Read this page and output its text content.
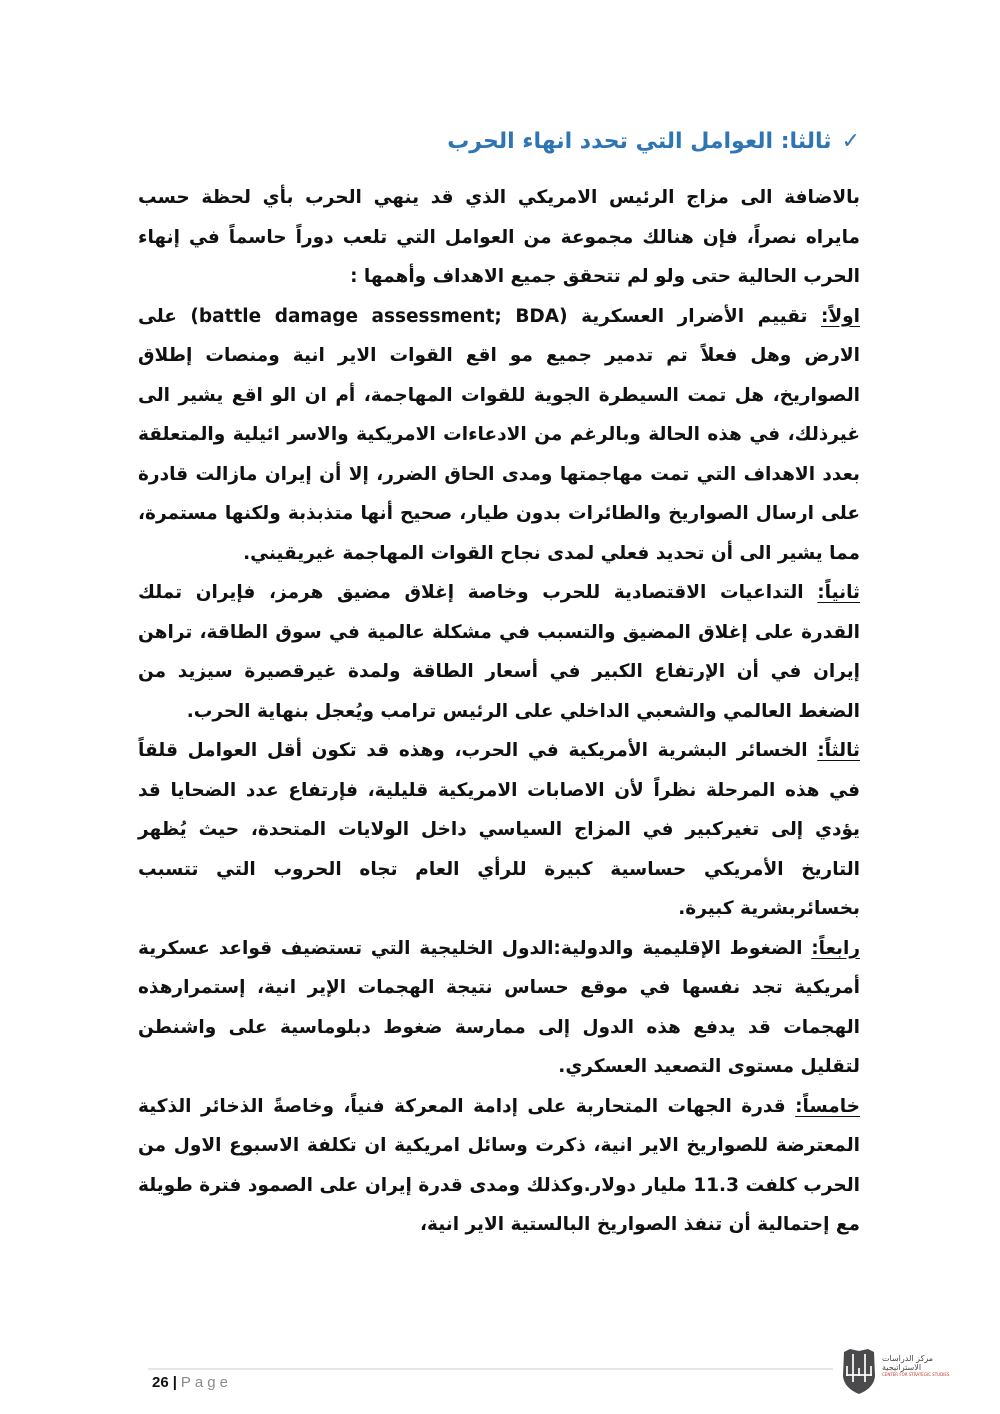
✓ثالثا: العوامل التي تحدد انهاء الحرب

بالاضافة الى مزاج الرئيس الامريكي الذي قد ينهي الحرب بأي لحظة حسب مايراه نصراً، فإن هنالك مجموعة من العوامل التي تلعب دوراً حاسماً في إنهاء الحرب الحالية حتى ولو لم تتحقق جميع الاهداف وأهمها :

اولاً: تقييم الأضرار العسكرية (battle damage assessment; BDA) على الارض وهل فعلاً تم تدمير جميع مو اقع القوات الاير انية ومنصات إطلاق الصواريخ، هل تمت السيطرة الجوية للقوات المهاجمة، أم ان الو اقع يشير الى غيرذلك، في هذه الحالة وبالرغم من الادعاءات الامريكية والاسر ائيلية والمتعلقة بعدد الاهداف التي تمت مهاجمتها ومدى الحاق الضرر، إلا أن إيران مازالت قادرة على ارسال الصواريخ والطائرات بدون طيار، صحيح أنها متذبذبة ولكنها مستمرة، مما يشير الى أن تحديد فعلي لمدى نجاح القوات المهاجمة غيريقيني.

ثانياً: التداعيات الاقتصادية للحرب وخاصة إغلاق مضيق هرمز، فإيران تملك القدرة على إغلاق المضيق والتسبب في مشكلة عالمية في سوق الطاقة، تراهن إيران في أن الإرتفاع الكبير في أسعار الطاقة ولمدة غيرقصيرة سيزيد من الضغط العالمي والشعبي الداخلي على الرئيس ترامب ويُعجل بنهاية الحرب.

ثالثاً: الخسائر البشرية الأمريكية في الحرب، وهذه قد تكون أقل العوامل قلقاً في هذه المرحلة نظراً لأن الاصابات الامريكية قليلية، فإرتفاع عدد الضحايا قد يؤدي إلى تغيركبير في المزاج السياسي داخل الولايات المتحدة، حيث يُظهر التاريخ الأمريكي حساسية كبيرة للرأي العام تجاه الحروب التي تتسبب بخسائربشرية كبيرة.

رابعاً: الضغوط الإقليمية والدولية:الدول الخليجية التي تستضيف قواعد عسكرية أمريكية تجد نفسها في موقع حساس نتيجة الهجمات الإير انية، إستمرارهذه الهجمات قد يدفع هذه الدول إلى ممارسة ضغوط دبلوماسية على واشنطن لتقليل مستوى التصعيد العسكري.

خامساً: قدرة الجهات المتحاربة على إدامة المعركة فنياً، وخاصةً الذخائر الذكية المعترضة للصواريخ الاير انية، ذكرت وسائل امريكية ان تكلفة الاسبوع الاول من الحرب كلفت 11.3 مليار دولار.وكذلك ومدى قدرة إيران على الصمود فترة طويلة مع إحتمالية أن تنفذ الصواريخ البالستية الاير انية،

26 | Page
مركز الدراسات
الاستراتيجية
CENTER FOR STRATEGIC STUDIES
